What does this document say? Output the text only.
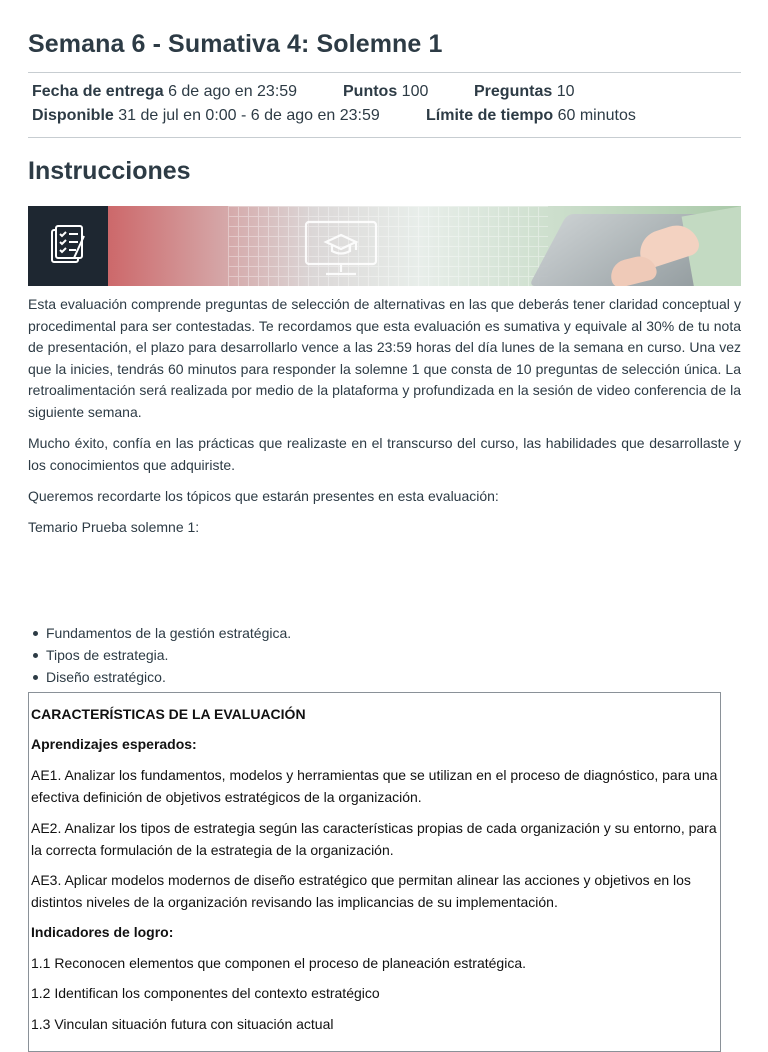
Semana 6 - Sumativa 4: Solemne 1
Fecha de entrega 6 de ago en 23:59	Puntos 100	Preguntas 10
Disponible 31 de jul en 0:00 - 6 de ago en 23:59	Límite de tiempo 60 minutos
Instrucciones

Esta evaluación comprende preguntas de selección de alternativas en las que deberás tener claridad conceptual y procedimental para ser contestadas. Te recordamos que esta evaluación es sumativa y equivale al 30% de tu nota de presentación, el plazo para desarrollarlo vence a las 23:59 horas del día lunes de la semana en curso. Una vez que la inicies, tendrás 60 minutos para responder la solemne 1 que consta de 10 preguntas de selección única. La retroalimentación será realizada por medio de la plataforma y profundizada en la sesión de video conferencia de la siguiente semana.

Mucho éxito, confía en las prácticas que realizaste en el transcurso del curso, las habilidades que desarrollaste y los conocimientos que adquiriste.

Queremos recordarte los tópicos que estarán presentes en esta evaluación:

Temario Prueba solemne 1:

Fundamentos de la gestión estratégica.
Tipos de estrategia.
Diseño estratégico.

CARACTERÍSTICAS DE LA EVALUACIÓN

Aprendizajes esperados:

AE1. Analizar los fundamentos, modelos y herramientas que se utilizan en el proceso de diagnóstico, para una efectiva definición de objetivos estratégicos de la organización.

AE2. Analizar los tipos de estrategia según las características propias de cada organización y su entorno, para la correcta formulación de la estrategia de la organización.

AE3. Aplicar modelos modernos de diseño estratégico que permitan alinear las acciones y objetivos en los distintos niveles de la organización revisando las implicancias de su implementación.

Indicadores de logro:

1.1 Reconocen elementos que componen el proceso de planeación estratégica.

1.2 Identifican los componentes del contexto estratégico

1.3 Vinculan situación futura con situación actual
